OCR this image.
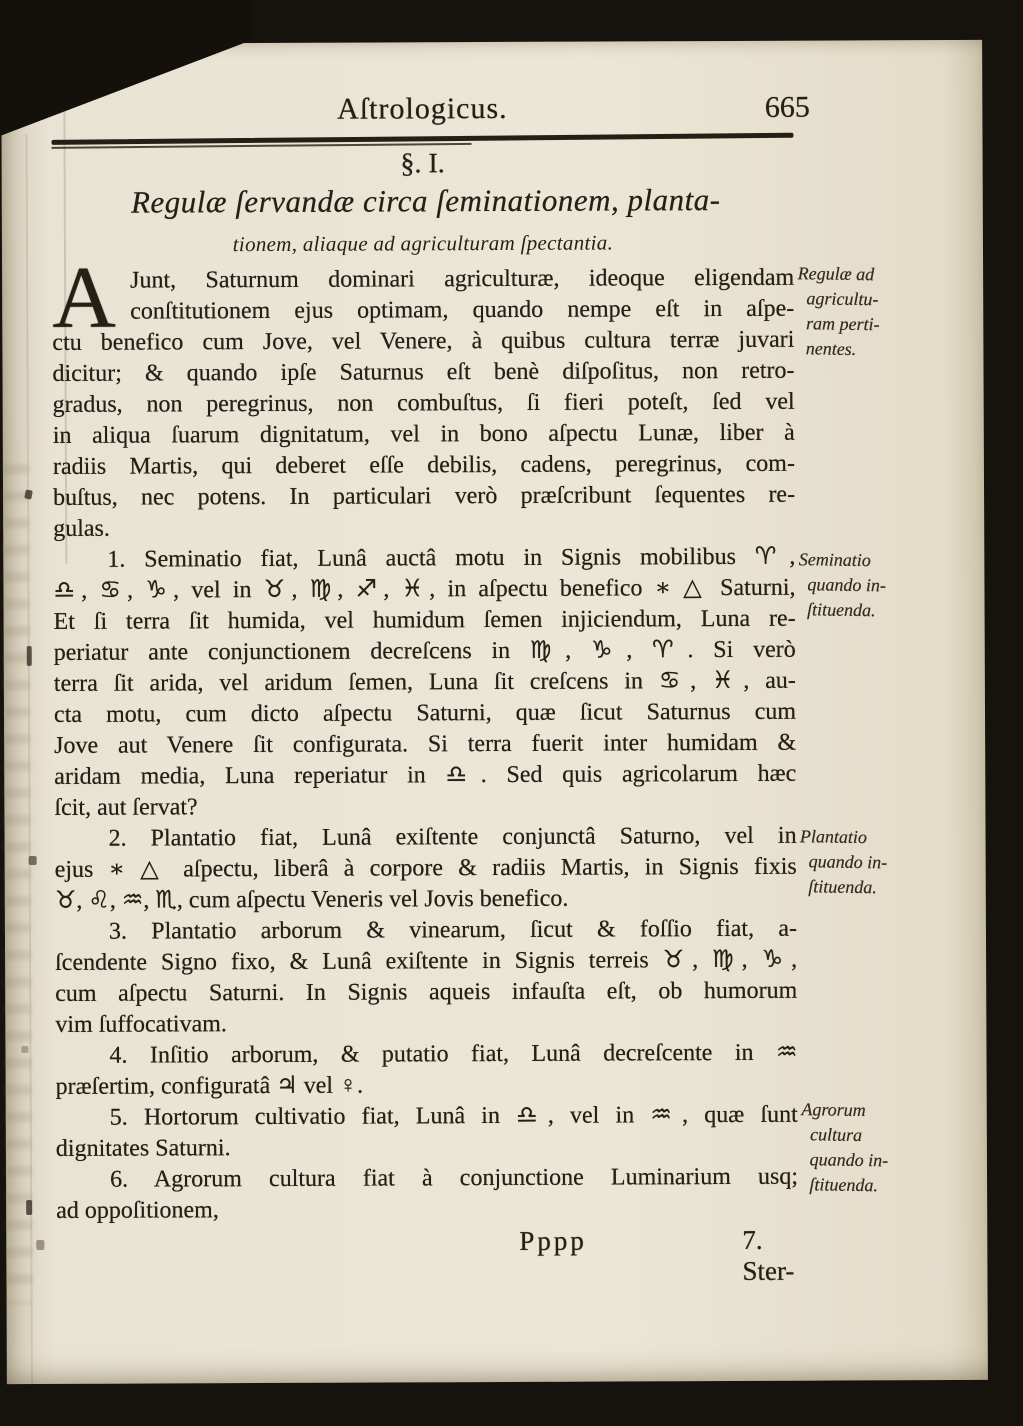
Aſtrologicus.	665
§. I.
Regulæ ſervandæ circa ſeminationem, planta-
tionem, aliaque ad agriculturam ſpectantia.
A Junt, Saturnum dominari agriculturæ, ideoque eligendam
conſtitutionem ejus optimam, quando nempe eſt in aſpe-
ctu benefico cum Jove, vel Venere, à quibus cultura terræ juvari
dicitur; & quando ipſe Saturnus eſt benè diſpoſitus, non retro-
gradus, non peregrinus, non combuſtus, ſi fieri poteſt, ſed vel
in aliqua ſuarum dignitatum, vel in bono aſpectu Lunæ, liber à
radiis Martis, qui deberet eſſe debilis, cadens, peregrinus, com-
buſtus, nec potens. In particulari verò præſcribunt ſequentes re-
gulas.
1. Seminatio fiat, Lunâ auctâ motu in Signis mobilibus ♈,
♎, ♋, ♑, vel in ♉, ♍, ♐, ♓, in aſpectu benefico ∗ △ Saturni,
Et ſi terra ſit humida, vel humidum ſemen injiciendum, Luna re-
periatur ante conjunctionem decreſcens in ♍, ♑, ♈. Si verò
terra ſit arida, vel aridum ſemen, Luna ſit creſcens in ♋, ♓, au-
cta motu, cum dicto aſpectu Saturni, quæ ſicut Saturnus cum
Jove aut Venere ſit configurata. Si terra fuerit inter humidam &
aridam media, Luna reperiatur in ♎. Sed quis agricolarum hæc
ſcit, aut ſervat?
2. Plantatio fiat, Lunâ exiſtente conjunctâ Saturno, vel in
ejus ∗ △ aſpectu, liberâ à corpore & radiis Martis, in Signis fixis
♉, ♌, ♒, ♏, cum aſpectu Veneris vel Jovis benefico.
3. Plantatio arborum & vinearum, ſicut & foſſio fiat, a-
ſcendente Signo fixo, & Lunâ exiſtente in Signis terreis ♉, ♍, ♑,
cum aſpectu Saturni. In Signis aqueis infauſta eſt, ob humorum
vim ſuffocativam.
4. Inſitio arborum, & putatio fiat, Lunâ decreſcente in ♒
præſertim, configuratâ ♃ vel ♀.
5. Hortorum cultivatio fiat, Lunâ in ♎, vel in ♒, quæ ſunt
dignitates Saturni.
6. Agrorum cultura fiat à conjunctione Luminarium usq;
ad oppoſitionem,
Pppp	7. Ster-
Regulæ ad
agricultu-
ram perti-
nentes.
Seminatio
quando in-
ſtituenda.
Plantatio
quando in-
ſtituenda.
Agrorum
cultura
quando in-
ſtituenda.
